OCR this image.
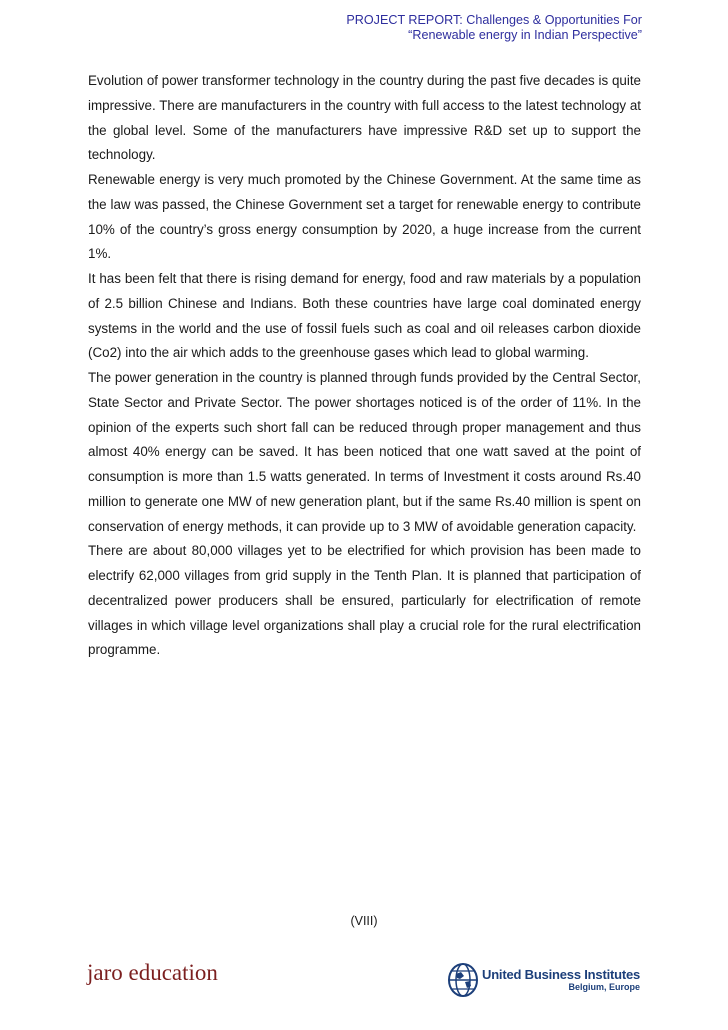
PROJECT REPORT: Challenges & Opportunities For
“Renewable energy in Indian Perspective”

Evolution of power transformer technology in the country during the past five decades is quite impressive. There are manufacturers in the country with full access to the latest technology at the global level. Some of the manufacturers have impressive R&D set up to support the technology.

Renewable energy is very much promoted by the Chinese Government. At the same time as the law was passed, the Chinese Government set a target for renewable energy to contribute 10% of the country’s gross energy consumption by 2020, a huge increase from the current 1%.

It has been felt that there is rising demand for energy, food and raw materials by a population of 2.5 billion Chinese and Indians. Both these countries have large coal dominated energy systems in the world and the use of fossil fuels such as coal and oil releases carbon dioxide (Co2) into the air which adds to the greenhouse gases which lead to global warming.

The power generation in the country is planned through funds provided by the Central Sector, State Sector and Private Sector. The power shortages noticed is of the order of 11%. In the opinion of the experts such short fall can be reduced through proper management and thus almost 40% energy can be saved. It has been noticed that one watt saved at the point of consumption is more than 1.5 watts generated. In terms of Investment it costs around Rs.40 million to generate one MW of new generation plant, but if the same Rs.40 million is spent on conservation of energy methods, it can provide up to 3 MW of avoidable generation capacity.

There are about 80,000 villages yet to be electrified for which provision has been made to electrify 62,000 villages from grid supply in the Tenth Plan. It is planned that participation of decentralized power producers shall be ensured, particularly for electrification of remote villages in which village level organizations shall play a crucial role for the rural electrification programme.

(VIII)
jaro education	United Business Institutes
Belgium, Europe
